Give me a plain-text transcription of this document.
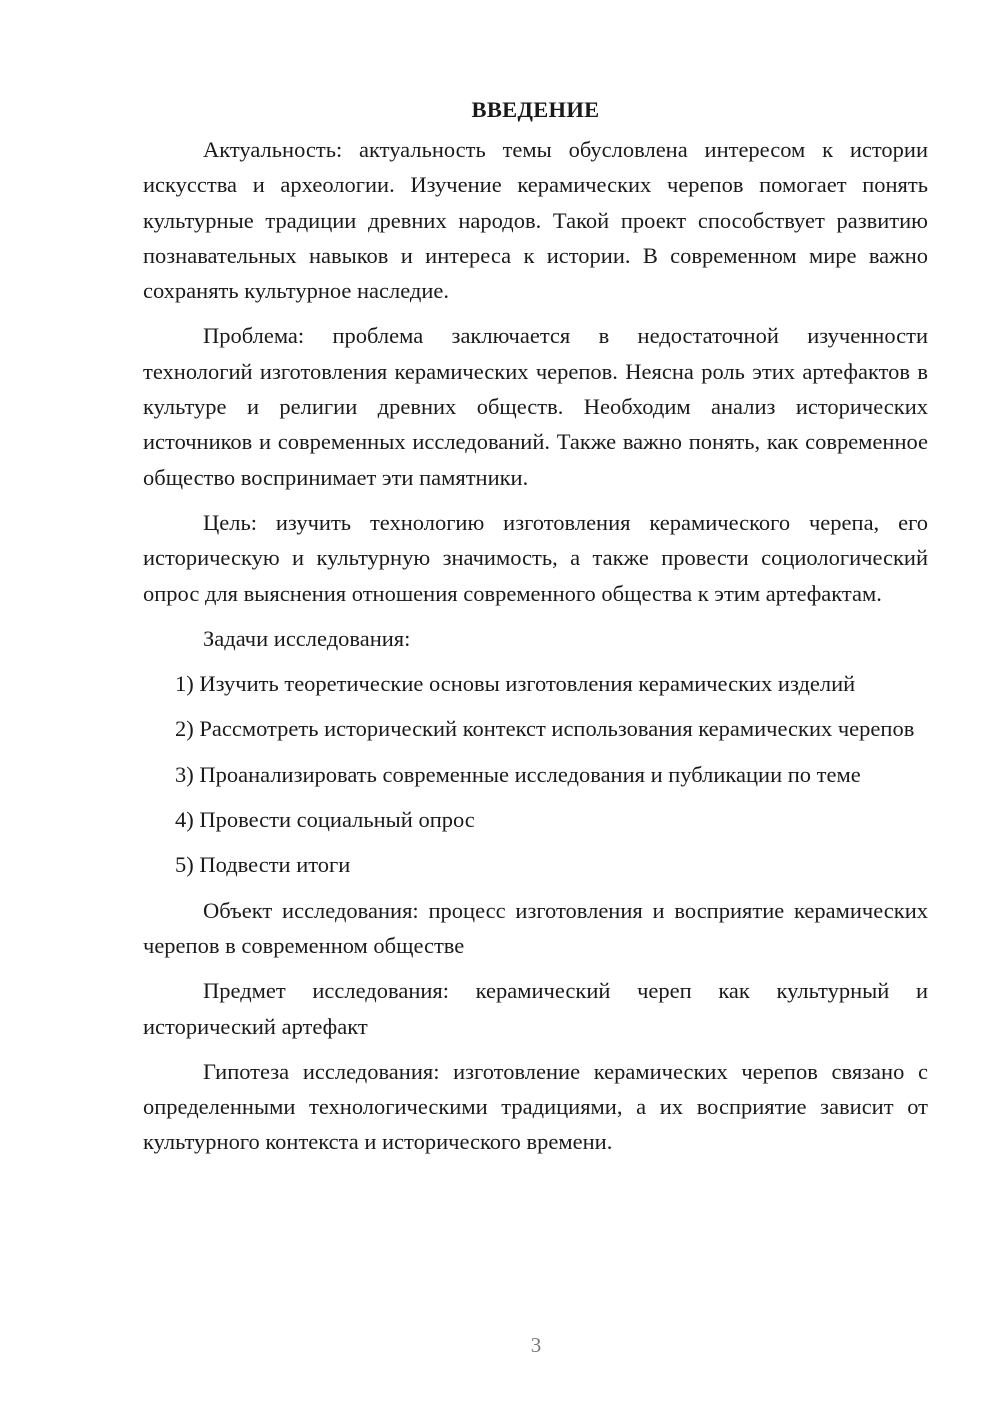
ВВЕДЕНИЕ

Актуальность: актуальность темы обусловлена интересом к истории искусства и археологии. Изучение керамических черепов помогает понять культурные традиции древних народов. Такой проект способствует развитию познавательных навыков и интереса к истории. В современном мире важно сохранять культурное наследие.

Проблема: проблема заключается в недостаточной изученности технологий изготовления керамических черепов. Неясна роль этих артефактов в культуре и религии древних обществ. Необходим анализ исторических источников и современных исследований. Также важно понять, как современное общество воспринимает эти памятники.

Цель: изучить технологию изготовления керамического черепа, его историческую и культурную значимость, а также провести социологический опрос для выяснения отношения современного общества к этим артефактам.

Задачи исследования:

1) Изучить теоретические основы изготовления керамических изделий

2) Рассмотреть исторический контекст использования керамических черепов

3) Проанализировать современные исследования и публикации по теме

4) Провести социальный опрос

5) Подвести итоги

Объект исследования: процесс изготовления и восприятие керамических черепов в современном обществе

Предмет исследования: керамический череп как культурный и исторический артефакт

Гипотеза исследования: изготовление керамических черепов связано с определенными технологическими традициями, а их восприятие зависит от культурного контекста и исторического времени.

3
